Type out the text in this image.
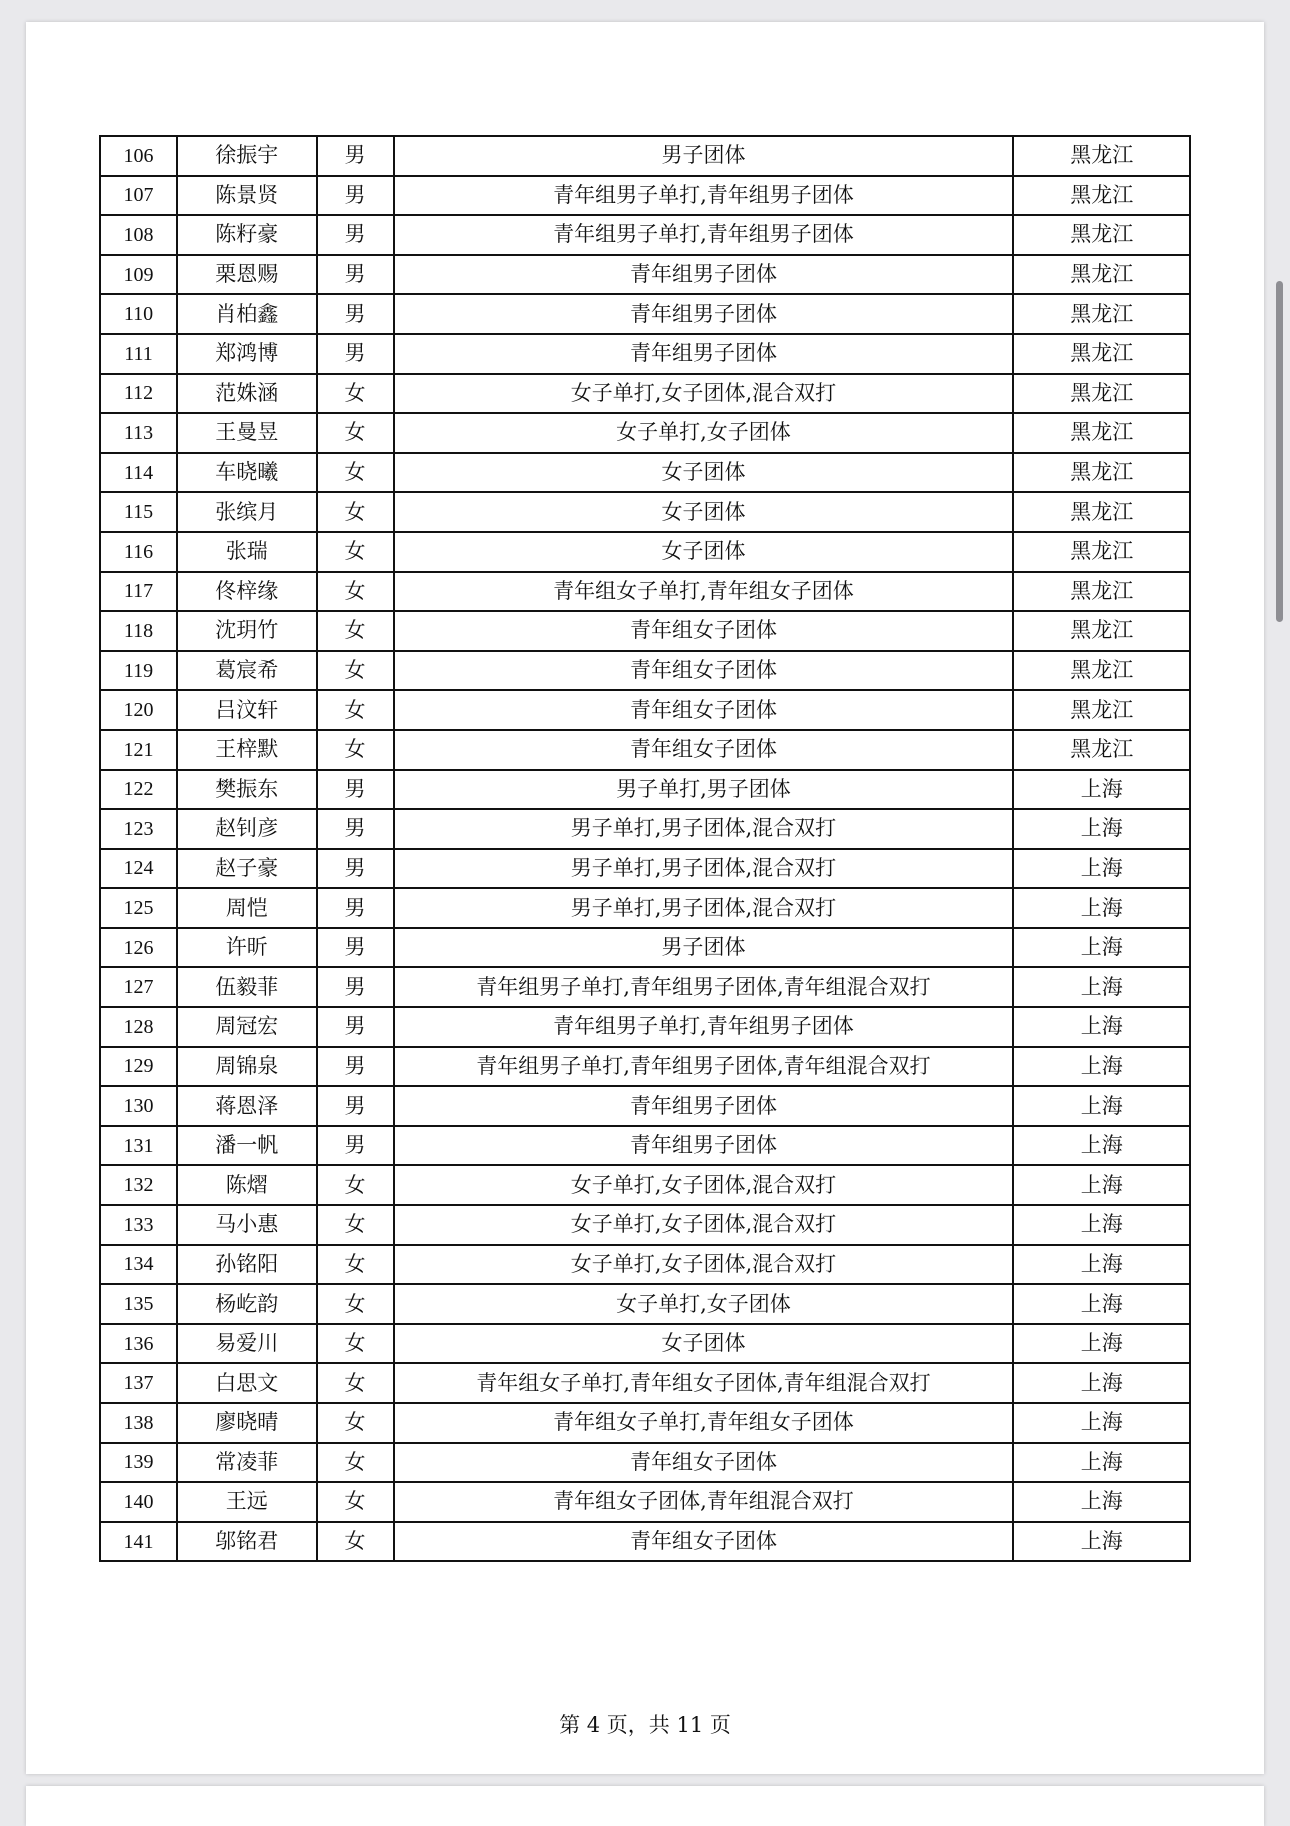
106	徐振宇	男	男子团体	黑龙江
107	陈景贤	男	青年组男子单打,青年组男子团体	黑龙江
108	陈籽豪	男	青年组男子单打,青年组男子团体	黑龙江
109	栗恩赐	男	青年组男子团体	黑龙江
110	肖柏鑫	男	青年组男子团体	黑龙江
111	郑鸿博	男	青年组男子团体	黑龙江
112	范姝涵	女	女子单打,女子团体,混合双打	黑龙江
113	王曼昱	女	女子单打,女子团体	黑龙江
114	车晓曦	女	女子团体	黑龙江
115	张缤月	女	女子团体	黑龙江
116	张瑞	女	女子团体	黑龙江
117	佟梓缘	女	青年组女子单打,青年组女子团体	黑龙江
118	沈玥竹	女	青年组女子团体	黑龙江
119	葛宸希	女	青年组女子团体	黑龙江
120	吕汶轩	女	青年组女子团体	黑龙江
121	王梓默	女	青年组女子团体	黑龙江
122	樊振东	男	男子单打,男子团体	上海
123	赵钊彦	男	男子单打,男子团体,混合双打	上海
124	赵子豪	男	男子单打,男子团体,混合双打	上海
125	周恺	男	男子单打,男子团体,混合双打	上海
126	许昕	男	男子团体	上海
127	伍毅菲	男	青年组男子单打,青年组男子团体,青年组混合双打	上海
128	周冠宏	男	青年组男子单打,青年组男子团体	上海
129	周锦泉	男	青年组男子单打,青年组男子团体,青年组混合双打	上海
130	蒋恩泽	男	青年组男子团体	上海
131	潘一帆	男	青年组男子团体	上海
132	陈熠	女	女子单打,女子团体,混合双打	上海
133	马小惠	女	女子单打,女子团体,混合双打	上海
134	孙铭阳	女	女子单打,女子团体,混合双打	上海
135	杨屹韵	女	女子单打,女子团体	上海
136	易爱川	女	女子团体	上海
137	白思文	女	青年组女子单打,青年组女子团体,青年组混合双打	上海
138	廖晓晴	女	青年组女子单打,青年组女子团体	上海
139	常凌菲	女	青年组女子团体	上海
140	王远	女	青年组女子团体,青年组混合双打	上海
141	邬铭君	女	青年组女子团体	上海
第 4 页，共 11 页
